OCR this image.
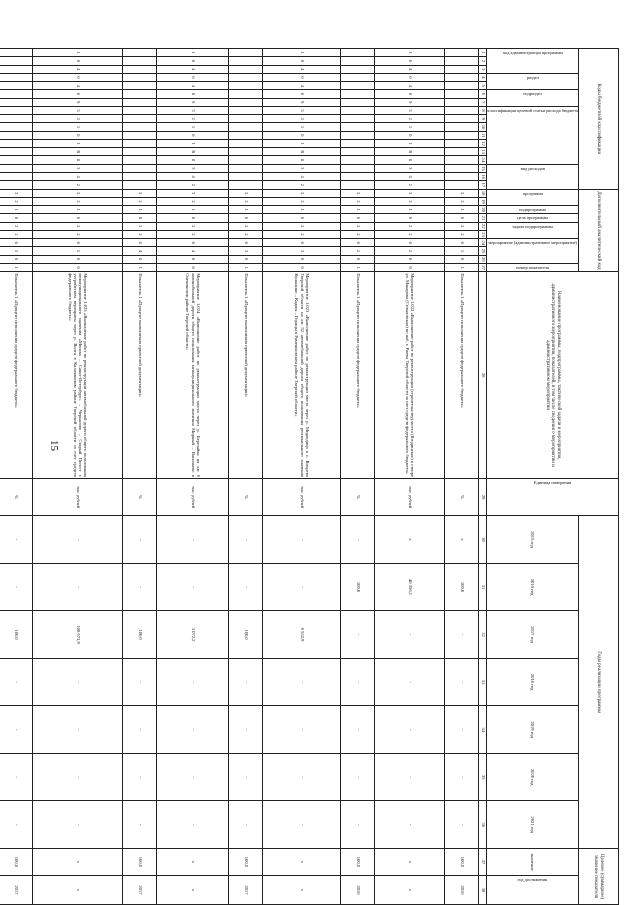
15
Коды бюджетной классификации																	Дополнительный аналитический код										Наименование программы, подпрограммы, тактической задачи и мероприятия, административного мероприятия, показателей, в том числе сведения о мероприятии и административном мероприятии	Единица измерения	Годы реализации программы							Целевое (суммарное) значение показателя	

код администратора программы			раздел		подраздел		классификация целевой статьи расхода бюджета							вид расходов			программа		подпрограмма	цель программы	задача подпрограммы		мероприятие (административное мероприятие)			номер показателя			2015 год	2016 год	2017 год	2018 год	2019 год	2020 год	2021 год	значение	год достижения

1	2	3	4	5	6	7	8	9	10	11	12	13	14	15	16	17	18	19	20	21	22	23	24	25	26	27	28	29	30	31	32	33	34	35	36	37	38
																	3	2	1	0	2	2	0	1	0	1	Показатель 1 «Процент исполнения средств федерального бюджета»	%	х	100,0	-	-	-	-	-	100,0	2016
1	0	4	0	4	0	9	3	2	1	0	1	R	0	3	4	2	3	2	1	0	2	2	0	2	0	0	Мероприятие 1.022 «Выполнение работ по реконструкции (строительству) моста (Ягодинское) в створе ул. Макарова (Сельковская) по наб. г. Ржева Тверской области за счет средств федерального бюджета»	тыс. рублей	х	48 356,1	-	-	-	-	-	х	х
																	3	2	1	0	2	2	0	2	0	1	Показатель 1 «Процент исполнения средств федерального бюджета»	%	-	100,0	-	-	-	-	-	100,0	2016
1	0	4	0	4	0	9	3	2	1	0	1	R	0	3	4	2	3	2	1	0	2	2	0	3	0	0	Мероприятие 1.023 «Выполнение работ по реконструкции моста через р. Медведица в с. Вихрево Тверской области на км 52 автомобильной дороги общего пользования регионального значения Кушалино – Кадмы – Горицы в Рамешковском районе Тверской области»	тыс. рублей	-	-	6 532,9	-	-	-	-	х	х
																	3	2	1	0	2	2	0	3	0	1	Показатель 1 «Процент выполнения проектной документации»	%	-	-	100,0	-	-	-	-	100,0	2017
1	0	4	0	4	0	9	3	2	1	0	1	R	0	3	4	2	3	2	1	0	2	2	0	4	0	0	Мероприятие 1.024 «Выполнение работ по реконструкции моста через р. Березайка на км 6 автомобильной дороги общего пользования межмуниципального значения Мирный – Васильево в Оленинском районе Тверской области»	тыс. рублей	-	-	3 072,2	-	-	-	-	х	х
																	3	2	1	0	2	2	0	4	0	1	Показатель 1 «Процент выполнения проектной документации»	%	-	-	100,0	-	-	-	-	100,0	2017
1	0	4	0	4	0	9	3	2	1	0	1	R	0	3	4	2	3	2	1	0	2	2	0	5	0	0	Мероприятие 1.025 «Выполнение работ по реконструкции автомобильной дороги общего пользования межмуниципального значения «Москва – Санкт-Петербург» – Черкасово – Старый Погост с устройством переправы через р. Волга в Калязинском районе Тверской области за счет средств федерального бюджета»	тыс. рублей	-	-	108 671,9	-	-	-	-	х	х
																	3	2	1	0	2	2	0	5	0	1	Показатель 1 «Процент исполнения средств федерального бюджета»	%	-	-	100,0	-	-	-	-	100,0	2017
